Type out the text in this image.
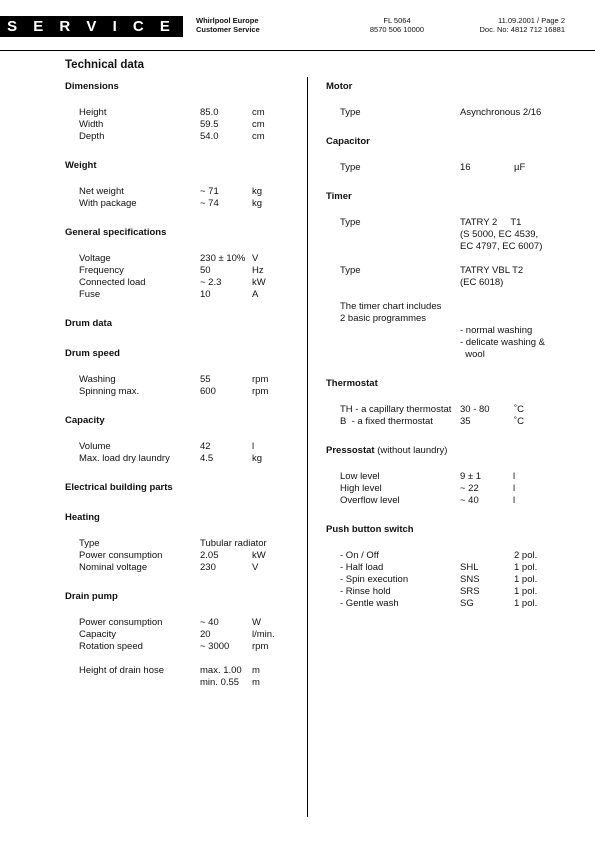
S E R V I C E	Whirlpool Europe
Customer Service
FL 5064
8570 506 10000
11.09.2001 / Page 2
Doc. No: 4812 712 16881
Technical data
Dimensions
Height	85.0	cm
Width	59.5	cm
Depth	54.0	cm
Weight
Net weight	~ 71	kg
With package	~ 74	kg
General specifications
Voltage	230 ± 10% V
Frequency	50	Hz
Connected load	~ 2.3	kW
Fuse	10	A
Drum data
Drum speed
Washing	55	rpm
Spinning max.	600	rpm
Capacity
Volume	42	l
Max. load dry laundry	4.5	kg
Electrical building parts
Heating
Type	Tubular radiator
Power consumption	2.05	kW
Nominal voltage	230	V
Drain pump
Power consumption	~ 40	W
Capacity	20	l/min.
Rotation speed	~ 3000 rpm
Height of drain hose	max. 1.00 m
min. 0.55 m
Motor
Type	Asynchronous 2/16
Capacitor
Type	16	µF
Timer
Type	TATRY 2     T1
(S 5000, EC 4539,
EC 4797, EC 6007)
Type	TATRY VBL T2
(EC 6018)
The timer chart includes
2 basic programmes
- normal washing
- delicate washing &
wool
Thermostat
TH - a capillary thermostat 30 - 80	˚C
B  - a fixed thermostat	35	˚C
Pressostat (without laundry)
Low level	9 ± 1	l
High level	~ 22	l
Overflow level	~ 40	l
Push button switch
- On / Off	2 pol.
- Half load	SHL	1 pol.
- Spin execution	SNS	1 pol.
- Rinse hold	SRS	1 pol.
- Gentle wash	SG	1 pol.
